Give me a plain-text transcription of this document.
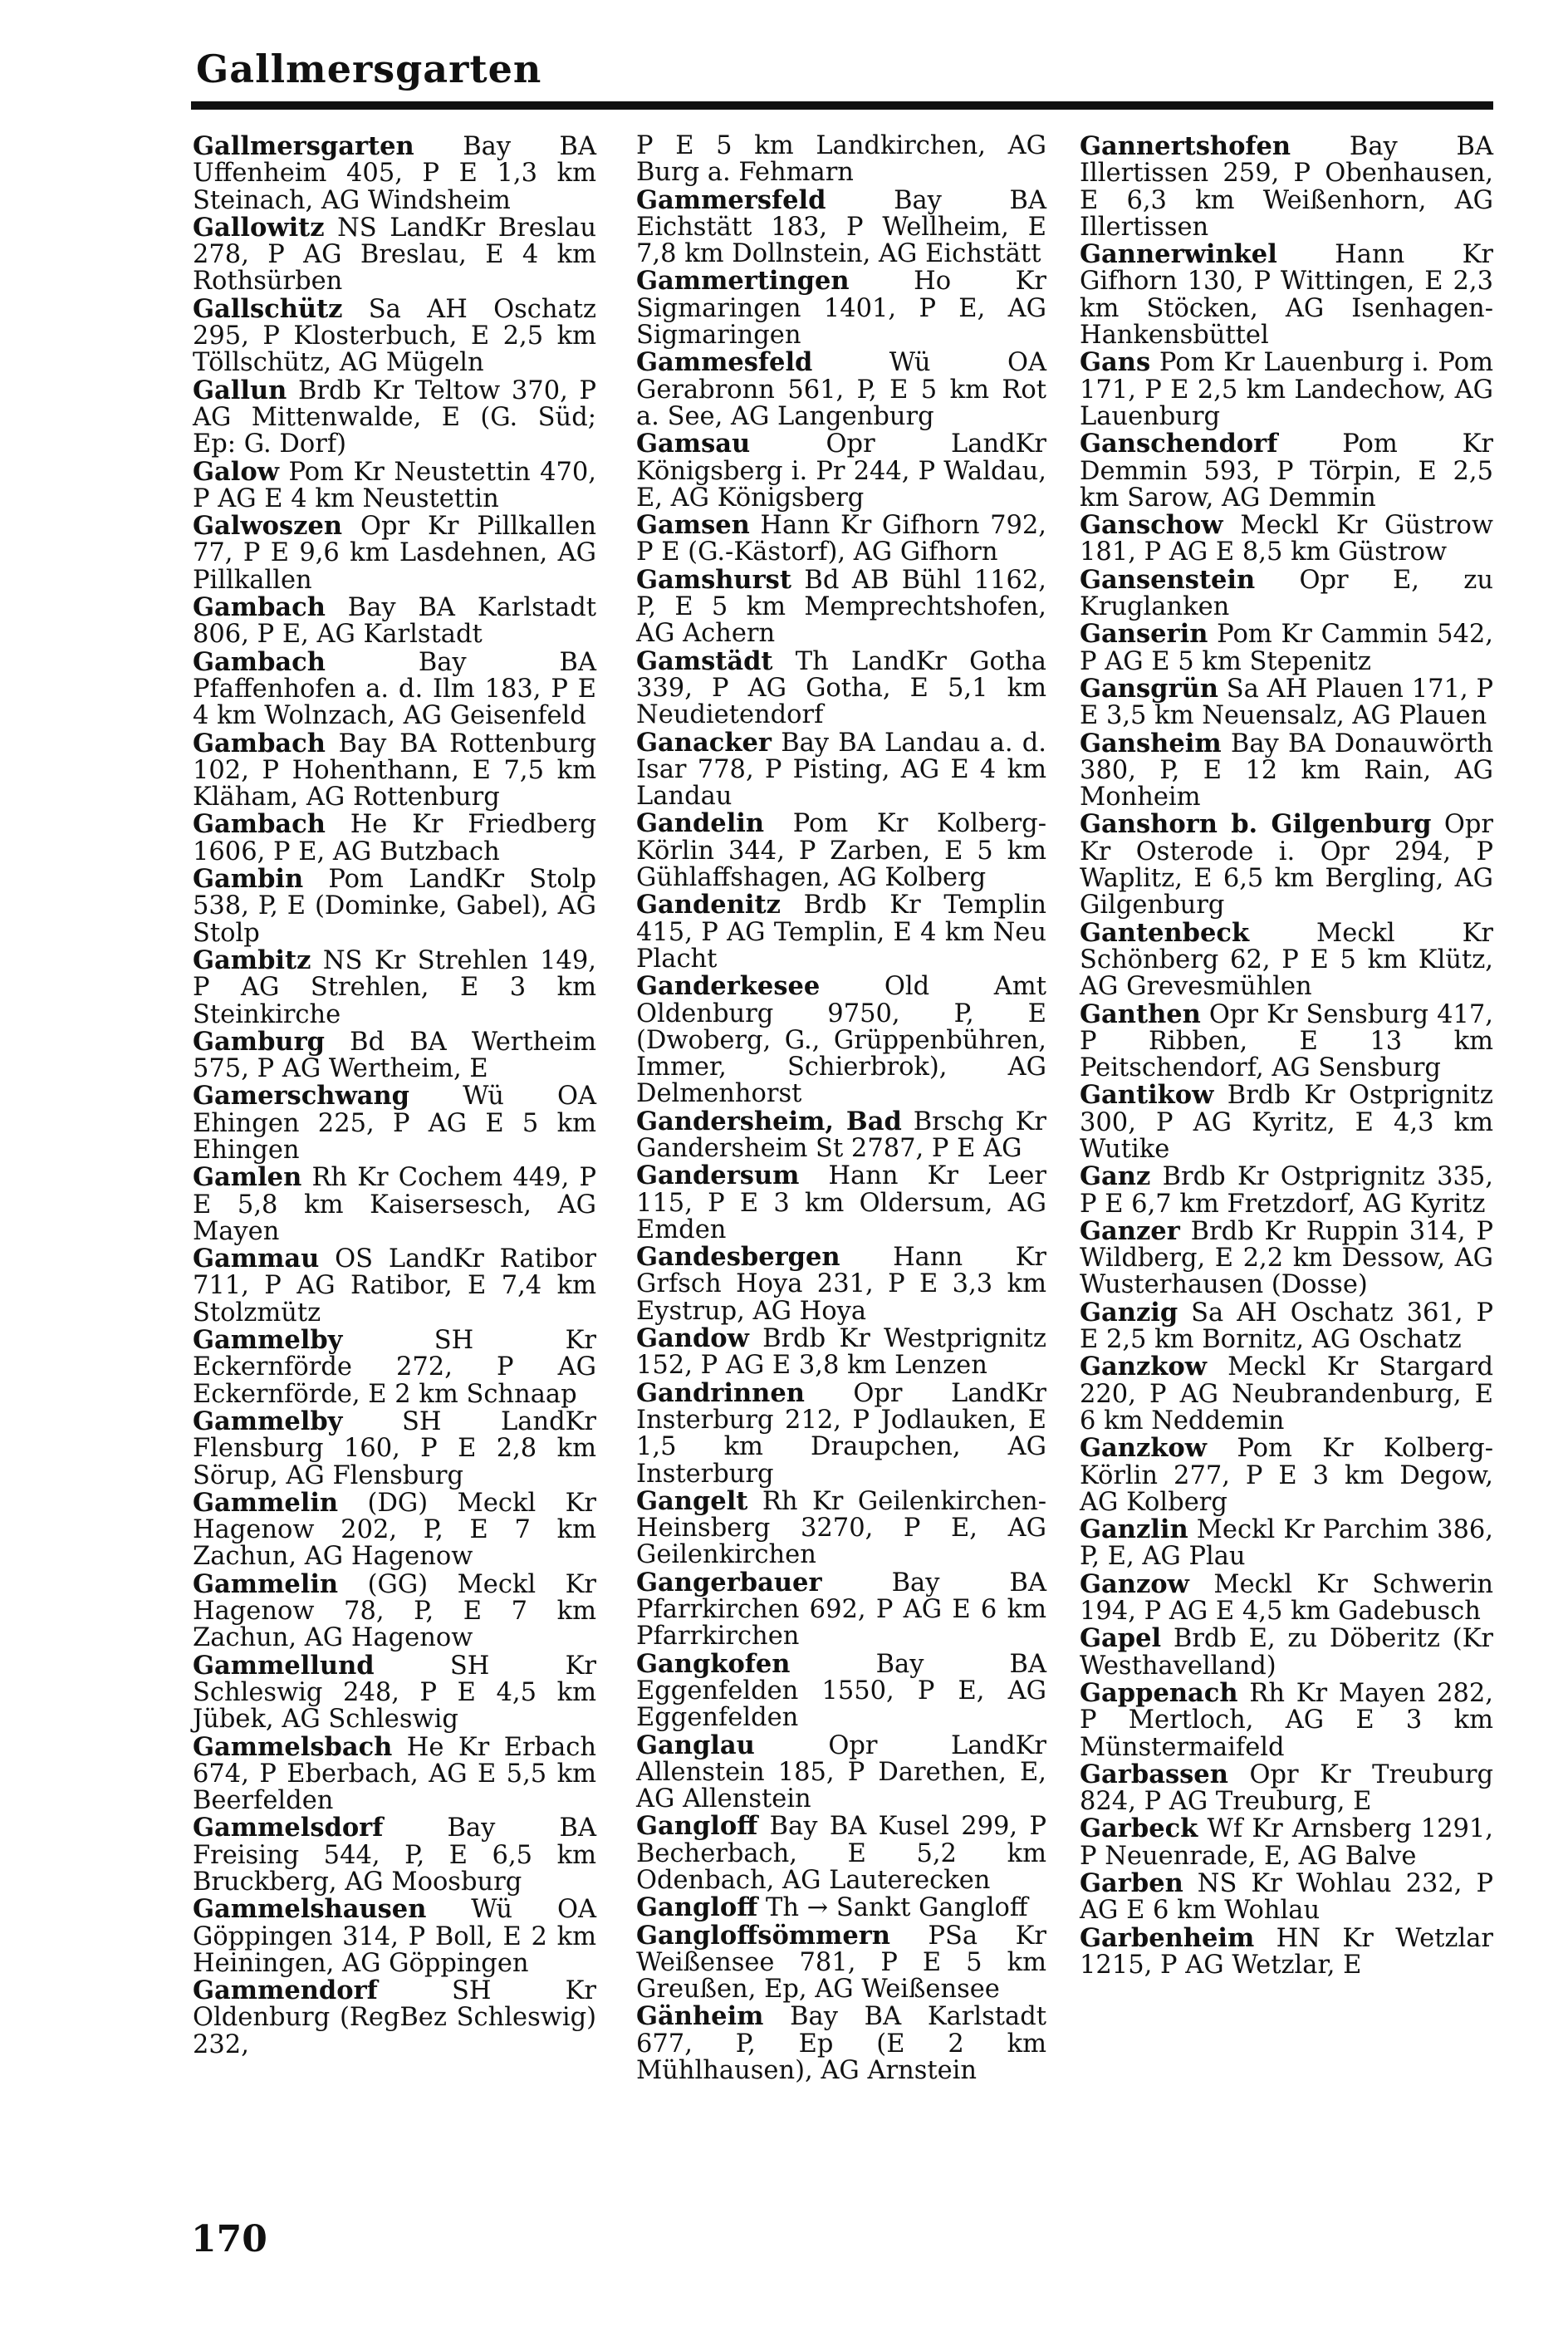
Gallmersgarten

Gallmersgarten Bay BA Uffenheim 405, P E 1,3 km Steinach, AG Windsheim

Gallowitz NS LandKr Breslau 278, P AG Breslau, E 4 km Rothsürben

Gallschütz Sa AH Oschatz 295, P Klosterbuch, E 2,5 km Töllschütz, AG Mügeln

Gallun Brdb Kr Teltow 370, P AG Mittenwalde, E (G. Süd; Ep: G. Dorf)

Galow Pom Kr Neustettin 470, P AG E 4 km Neustettin

Galwoszen Opr Kr Pillkallen 77, P E 9,6 km Lasdehnen, AG Pillkallen

Gambach Bay BA Karlstadt 806, P E, AG Karlstadt

Gambach Bay BA Pfaffenhofen a. d. Ilm 183, P E 4 km Wolnzach, AG Geisenfeld

Gambach Bay BA Rottenburg 102, P Hohenthann, E 7,5 km Kläham, AG Rottenburg

Gambach He Kr Friedberg 1606, P E, AG Butzbach

Gambin Pom LandKr Stolp 538, P, E (Dominke, Gabel), AG Stolp

Gambitz NS Kr Strehlen 149, P AG Strehlen, E 3 km Steinkirche

Gamburg Bd BA Wertheim 575, P AG Wertheim, E

Gamerschwang Wü OA Ehingen 225, P AG E 5 km Ehingen

Gamlen Rh Kr Cochem 449, P E 5,8 km Kaisersesch, AG Mayen

Gammau OS LandKr Ratibor 711, P AG Ratibor, E 7,4 km Stolzmütz

Gammelby SH Kr Eckernförde 272, P AG Eckernförde, E 2 km Schnaap

Gammelby SH LandKr Flensburg 160, P E 2,8 km Sörup, AG Flensburg

Gammelin (DG) Meckl Kr Hagenow 202, P, E 7 km Zachun, AG Hagenow

Gammelin (GG) Meckl Kr Hagenow 78, P, E 7 km Zachun, AG Hagenow

Gammellund SH Kr Schleswig 248, P E 4,5 km Jübek, AG Schleswig

Gammelsbach He Kr Erbach 674, P Eberbach, AG E 5,5 km Beerfelden

Gammelsdorf Bay BA Freising 544, P, E 6,5 km Bruckberg, AG Moosburg

Gammelshausen Wü OA Göppingen 314, P Boll, E 2 km Heiningen, AG Göppingen

Gammendorf SH Kr Oldenburg (RegBez Schleswig) 232,

P E 5 km Landkirchen, AG Burg a. Fehmarn

Gammersfeld Bay BA Eichstätt 183, P Wellheim, E 7,8 km Dollnstein, AG Eichstätt

Gammertingen Ho Kr Sigmaringen 1401, P E, AG Sigmaringen

Gammesfeld Wü OA Gerabronn 561, P, E 5 km Rot a. See, AG Langenburg

Gamsau Opr LandKr Königsberg i. Pr 244, P Waldau, E, AG Königsberg

Gamsen Hann Kr Gifhorn 792, P E (G.-Kästorf), AG Gifhorn

Gamshurst Bd AB Bühl 1162, P, E 5 km Memprechtshofen, AG Achern

Gamstädt Th LandKr Gotha 339, P AG Gotha, E 5,1 km Neudietendorf

Ganacker Bay BA Landau a. d. Isar 778, P Pisting, AG E 4 km Landau

Gandelin Pom Kr Kolberg-Körlin 344, P Zarben, E 5 km Gühlaffshagen, AG Kolberg

Gandenitz Brdb Kr Templin 415, P AG Templin, E 4 km Neu Placht

Ganderkesee Old Amt Oldenburg 9750, P, E (Dwoberg, G., Grüppenbühren, Immer, Schierbrok), AG Delmenhorst

Gandersheim, Bad Brschg Kr Gandersheim St 2787, P E AG

Gandersum Hann Kr Leer 115, P E 3 km Oldersum, AG Emden

Gandesbergen Hann Kr Grfsch Hoya 231, P E 3,3 km Eystrup, AG Hoya

Gandow Brdb Kr Westprignitz 152, P AG E 3,8 km Lenzen

Gandrinnen Opr LandKr Insterburg 212, P Jodlauken, E 1,5 km Draupchen, AG Insterburg

Gangelt Rh Kr Geilenkirchen-Heinsberg 3270, P E, AG Geilenkirchen

Gangerbauer Bay BA Pfarrkirchen 692, P AG E 6 km Pfarrkirchen

Gangkofen Bay BA Eggenfelden 1550, P E, AG Eggenfelden

Ganglau Opr LandKr Allenstein 185, P Darethen, E, AG Allenstein

Gangloff Bay BA Kusel 299, P Becherbach, E 5,2 km Odenbach, AG Lauterecken

Gangloff Th → Sankt Gangloff

Gangloffsömmern PSa Kr Weißensee 781, P E 5 km Greußen, Ep, AG Weißensee

Gänheim Bay BA Karlstadt 677, P, Ep (E 2 km Mühlhausen), AG Arnstein

Gannertshofen Bay BA Illertissen 259, P Obenhausen, E 6,3 km Weißenhorn, AG Illertissen

Gannerwinkel Hann Kr Gifhorn 130, P Wittingen, E 2,3 km Stöcken, AG Isenhagen-Hankensbüttel

Gans Pom Kr Lauenburg i. Pom 171, P E 2,5 km Landechow, AG Lauenburg

Ganschendorf Pom Kr Demmin 593, P Törpin, E 2,5 km Sarow, AG Demmin

Ganschow Meckl Kr Güstrow 181, P AG E 8,5 km Güstrow

Gansenstein Opr E, zu Kruglanken

Ganserin Pom Kr Cammin 542, P AG E 5 km Stepenitz

Gansgrün Sa AH Plauen 171, P E 3,5 km Neuensalz, AG Plauen

Gansheim Bay BA Donauwörth 380, P, E 12 km Rain, AG Monheim

Ganshorn b. Gilgenburg Opr Kr Osterode i. Opr 294, P Waplitz, E 6,5 km Bergling, AG Gilgenburg

Gantenbeck Meckl Kr Schönberg 62, P E 5 km Klütz, AG Grevesmühlen

Ganthen Opr Kr Sensburg 417, P Ribben, E 13 km Peitschendorf, AG Sensburg

Gantikow Brdb Kr Ostprignitz 300, P AG Kyritz, E 4,3 km Wutike

Ganz Brdb Kr Ostprignitz 335, P E 6,7 km Fretzdorf, AG Kyritz

Ganzer Brdb Kr Ruppin 314, P Wildberg, E 2,2 km Dessow, AG Wusterhausen (Dosse)

Ganzig Sa AH Oschatz 361, P E 2,5 km Bornitz, AG Oschatz

Ganzkow Meckl Kr Stargard 220, P AG Neubrandenburg, E 6 km Neddemin

Ganzkow Pom Kr Kolberg-Körlin 277, P E 3 km Degow, AG Kolberg

Ganzlin Meckl Kr Parchim 386, P, E, AG Plau

Ganzow Meckl Kr Schwerin 194, P AG E 4,5 km Gadebusch

Gapel Brdb E, zu Döberitz (Kr Westhavelland)

Gappenach Rh Kr Mayen 282, P Mertloch, AG E 3 km Münstermaifeld

Garbassen Opr Kr Treuburg 824, P AG Treuburg, E

Garbeck Wf Kr Arnsberg 1291, P Neuenrade, E, AG Balve

Garben NS Kr Wohlau 232, P AG E 6 km Wohlau

Garbenheim HN Kr Wetzlar 1215, P AG Wetzlar, E

170
